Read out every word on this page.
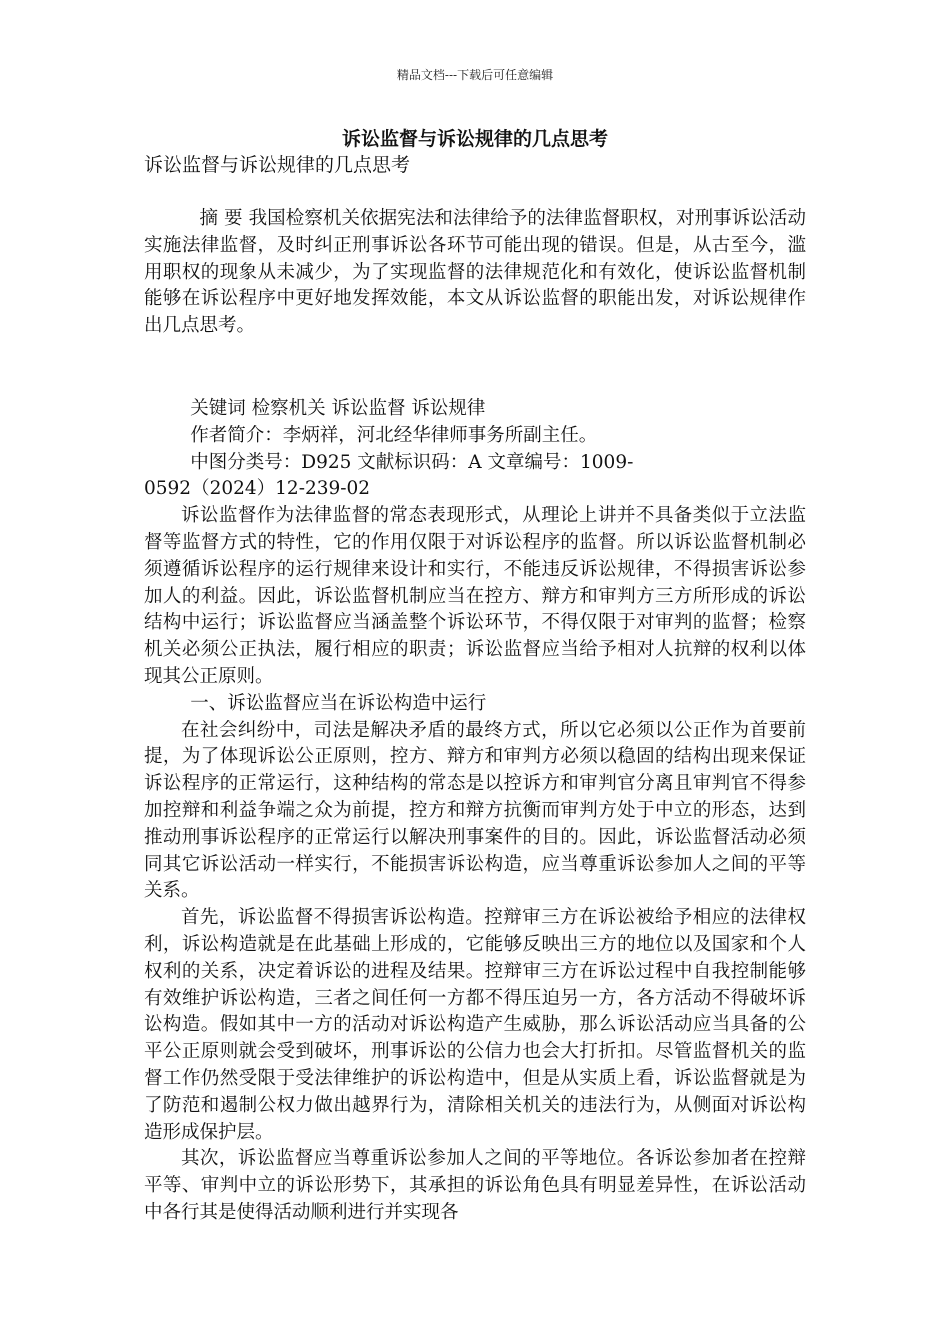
精品文档---下载后可任意编辑

诉讼监督与诉讼规律的几点思考

诉讼监督与诉讼规律的几点思考

摘 要 我国检察机关依据宪法和法律给予的法律监督职权，对刑事诉讼活动实施法律监督，及时纠正刑事诉讼各环节可能出现的错误。但是，从古至今，滥用职权的现象从未减少，为了实现监督的法律规范化和有效化，使诉讼监督机制能够在诉讼程序中更好地发挥效能，本文从诉讼监督的职能出发，对诉讼规律作出几点思考。

关键词 检察机关 诉讼监督 诉讼规律

作者简介：李炳祥，河北经华律师事务所副主任。

中图分类号：D925 文献标识码：A 文章编号：1009-

0592（2024）12-239-02

诉讼监督作为法律监督的常态表现形式，从理论上讲并不具备类似于立法监督等监督方式的特性，它的作用仅限于对诉讼程序的监督。所以诉讼监督机制必须遵循诉讼程序的运行规律来设计和实行，不能违反诉讼规律，不得损害诉讼参加人的利益。因此，诉讼监督机制应当在控方、辩方和审判方三方所形成的诉讼结构中运行；诉讼监督应当涵盖整个诉讼环节，不得仅限于对审判的监督；检察机关必须公正执法，履行相应的职责；诉讼监督应当给予相对人抗辩的权利以体现其公正原则。

一、诉讼监督应当在诉讼构造中运行

在社会纠纷中，司法是解决矛盾的最终方式，所以它必须以公正作为首要前提，为了体现诉讼公正原则，控方、辩方和审判方必须以稳固的结构出现来保证诉讼程序的正常运行，这种结构的常态是以控诉方和审判官分离且审判官不得参加控辩和利益争端之众为前提，控方和辩方抗衡而审判方处于中立的形态，达到推动刑事诉讼程序的正常运行以解决刑事案件的目的。因此，诉讼监督活动必须同其它诉讼活动一样实行，不能损害诉讼构造，应当尊重诉讼参加人之间的平等关系。

首先，诉讼监督不得损害诉讼构造。控辩审三方在诉讼被给予相应的法律权利，诉讼构造就是在此基础上形成的，它能够反映出三方的地位以及国家和个人权利的关系，决定着诉讼的进程及结果。控辩审三方在诉讼过程中自我控制能够有效维护诉讼构造，三者之间任何一方都不得压迫另一方，各方活动不得破坏诉讼构造。假如其中一方的活动对诉讼构造产生威胁，那么诉讼活动应当具备的公平公正原则就会受到破坏，刑事诉讼的公信力也会大打折扣。尽管监督机关的监督工作仍然受限于受法律维护的诉讼构造中，但是从实质上看，诉讼监督就是为了防范和遏制公权力做出越界行为，清除相关机关的违法行为，从侧面对诉讼构造形成保护层。

其次，诉讼监督应当尊重诉讼参加人之间的平等地位。各诉讼参加者在控辩平等、审判中立的诉讼形势下，其承担的诉讼角色具有明显差异性，在诉讼活动中各行其是使得活动顺利进行并实现各
